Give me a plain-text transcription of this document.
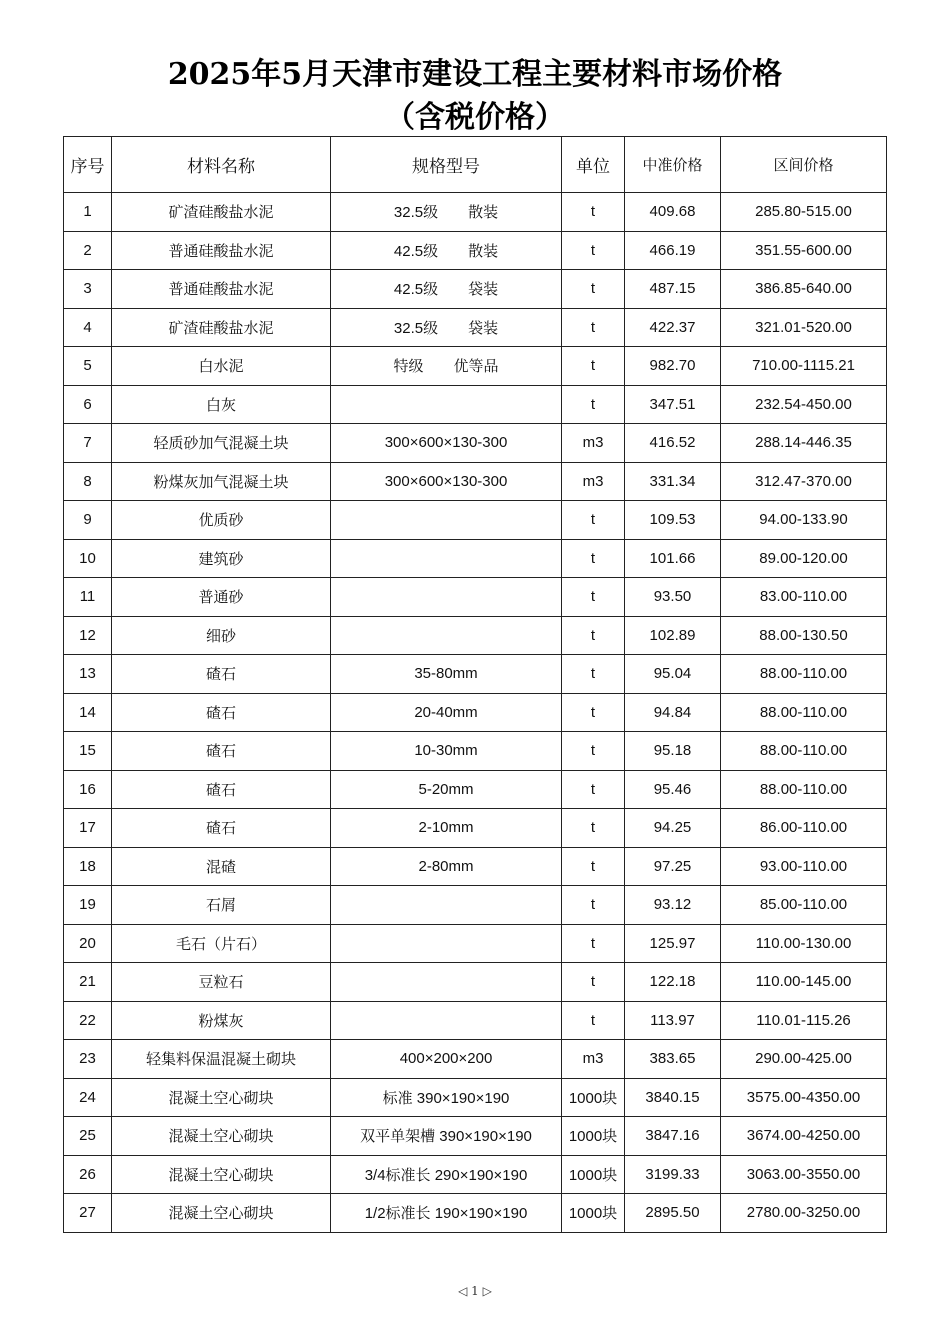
2025年5月天津市建设工程主要材料市场价格
（含税价格）
序号	材料名称	规格型号	单位	中准价格	区间价格
1	矿渣硅酸盐水泥	32.5级　　散装	t	409.68	285.80-515.00
2	普通硅酸盐水泥	42.5级　　散装	t	466.19	351.55-600.00
3	普通硅酸盐水泥	42.5级　　袋装	t	487.15	386.85-640.00
4	矿渣硅酸盐水泥	32.5级　　袋装	t	422.37	321.01-520.00
5	白水泥	特级　　优等品	t	982.70	710.00-1115.21
6	白灰		t	347.51	232.54-450.00
7	轻质砂加气混凝土块	300×600×130-300	m3	416.52	288.14-446.35
8	粉煤灰加气混凝土块	300×600×130-300	m3	331.34	312.47-370.00
9	优质砂		t	109.53	94.00-133.90
10	建筑砂		t	101.66	89.00-120.00
11	普通砂		t	93.50	83.00-110.00
12	细砂		t	102.89	88.00-130.50
13	碴石	35-80mm	t	95.04	88.00-110.00
14	碴石	20-40mm	t	94.84	88.00-110.00
15	碴石	10-30mm	t	95.18	88.00-110.00
16	碴石	5-20mm	t	95.46	88.00-110.00
17	碴石	2-10mm	t	94.25	86.00-110.00
18	混碴	2-80mm	t	97.25	93.00-110.00
19	石屑		t	93.12	85.00-110.00
20	毛石（片石）		t	125.97	110.00-130.00
21	豆粒石		t	122.18	110.00-145.00
22	粉煤灰		t	113.97	110.01-115.26
23	轻集料保温混凝土砌块	400×200×200	m3	383.65	290.00-425.00
24	混凝土空心砌块	标准 390×190×190	1000块	3840.15	3575.00-4350.00
25	混凝土空心砌块	双平单架槽 390×190×190	1000块	3847.16	3674.00-4250.00
26	混凝土空心砌块	3/4标准长 290×190×190	1000块	3199.33	3063.00-3550.00
27	混凝土空心砌块	1/2标准长 190×190×190	1000块	2895.50	2780.00-3250.00
◁ 1 ▷
